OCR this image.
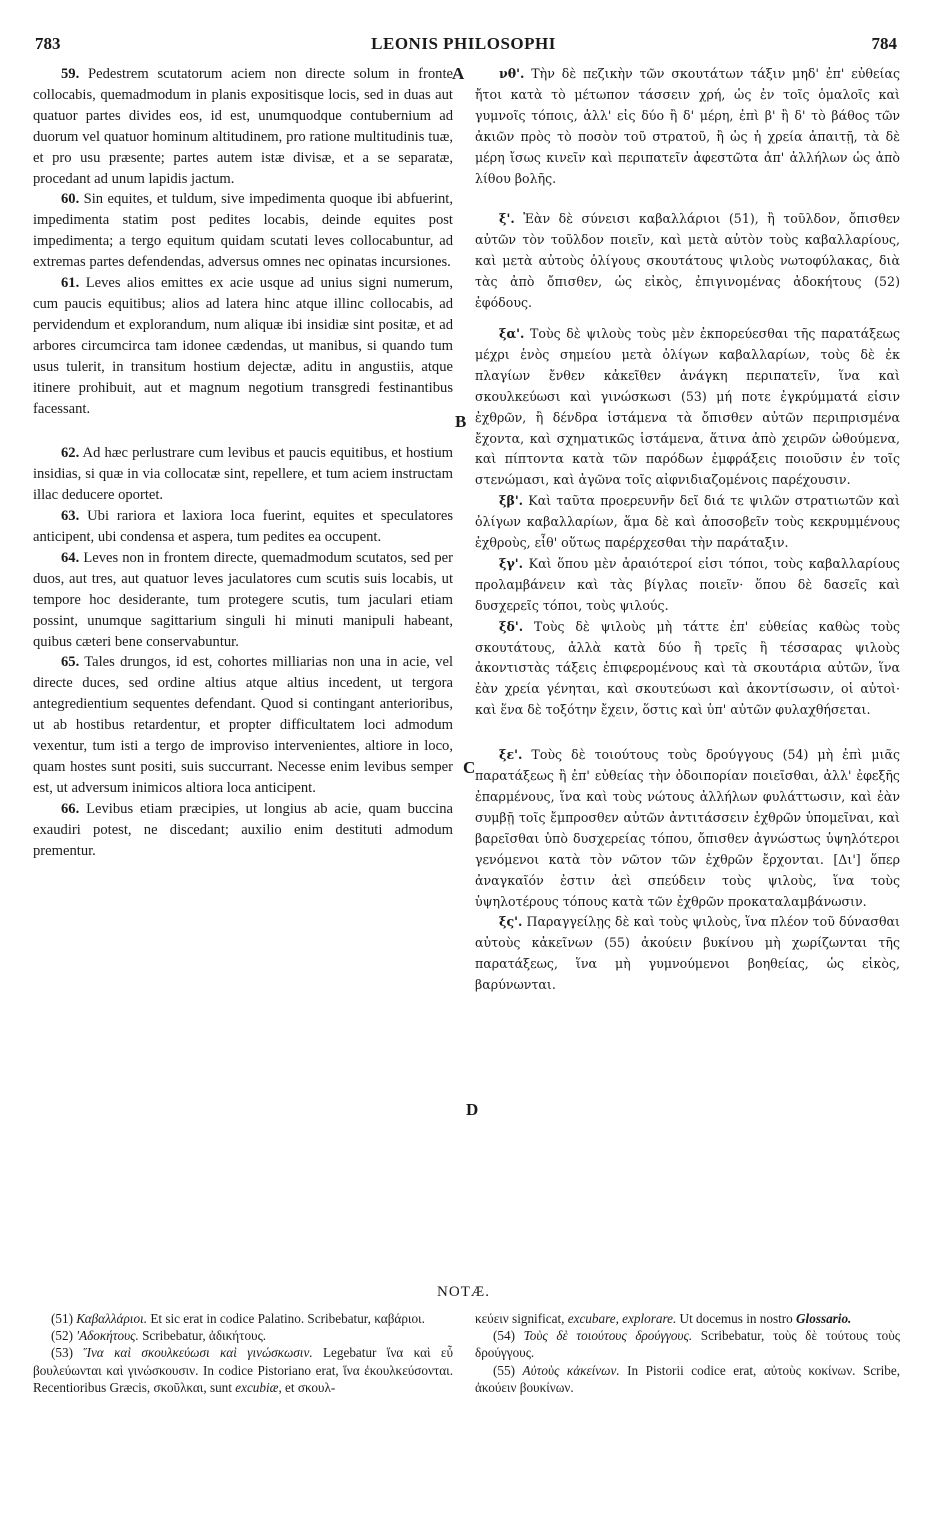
783	LEONIS PHILOSOPHI	784
A
B
C
D

59. Pedestrem scutatorum aciem non directe solum in fronte collocabis, quemadmodum in planis expositisque locis, sed in duas aut quatuor partes divides eos, id est, unumquodque contubernium ad duorum vel quatuor hominum altitudinem, pro ratione multitudinis tuæ, et pro usu præsente; partes autem istæ divisæ, et a se separatæ, procedant ad unum lapidis jactum.

60. Sin equites, et tuldum, sive impedimenta quoque ibi abfuerint, impedimenta statim post pedites locabis, deinde equites post impedimenta; a tergo equitum quidam scutati leves collocabuntur, ad extremas partes defendendas, adversus omnes nec opinatas incursiones.

61. Leves alios emittes ex acie usque ad unius signi numerum, cum paucis equitibus; alios ad latera hinc atque illinc collocabis, ad pervidendum et explorandum, num aliquæ ibi insidiæ sint positæ, et ad arbores circumcirca tam idonee cædendas, ut manibus, si quando tum usus tulerit, in transitum hostium dejectæ, aditu in angustiis, atque itinere prohibuit, aut et magnum negotium transgredi festinantibus facessant.

62. Ad hæc perlustrare cum levibus et paucis equitibus, et hostium insidias, si quæ in via collocatæ sint, repellere, et tum aciem instructam illac deducere oportet.

63. Ubi rariora et laxiora loca fuerint, equites et speculatores anticipent, ubi condensa et aspera, tum pedites ea occupent.

64. Leves non in frontem directe, quemadmodum scutatos, sed per duos, aut tres, aut quatuor leves jaculatores cum scutis suis locabis, ut tempore hoc desiderante, tum protegere scutis, tum jaculari etiam possint, unumque sagittarium singuli hi minuti manipuli habeant, quibus cæteri bene conservabuntur.

65. Tales drungos, id est, cohortes milliarias non una in acie, vel directe duces, sed ordine altius atque altius incedent, ut tergora antegredientium sequentes defendant. Quod si contingant anterioribus, ut ab hostibus retardentur, et propter difficultatem loci admodum vexentur, tum isti a tergo de improviso intervenientes, altiore in loco, quam hostes sunt positi, suis succurrant. Necesse enim levibus semper est, ut adversum inimicos altiora loca anticipent.

66. Levibus etiam præcipies, ut longius ab acie, quam buccina exaudiri potest, ne discedant; auxilio enim destituti admodum prementur.

νθ'. Τὴν δὲ πεζικὴν τῶν σκουτάτων τάξιν μηδ' ἐπ' εὐθείας ἤτοι κατὰ τὸ μέτωπον τάσσειν χρή, ὡς ἐν τοῖς ὁμαλοῖς καὶ γυμνοῖς τόποις, ἀλλ' εἰς δύο ἢ δ' μέρη, ἐπὶ β' ἢ δ' τὸ βάθος τῶν ἀκιῶν πρὸς τὸ ποσὸν τοῦ στρατοῦ, ἢ ὡς ἡ χρεία ἀπαιτῇ, τὰ δὲ μέρη ἴσως κινεῖν καὶ περιπατεῖν ἀφεστῶτα ἀπ' ἀλλήλων ὡς ἀπὸ λίθου βολῆς.

ξ'. Ἐὰν δὲ σύνεισι καβαλλάριοι (51), ἢ τοῦλδον, ὄπισθεν αὐτῶν τὸν τοῦλδον ποιεῖν, καὶ μετὰ αὐτὸν τοὺς καβαλλαρίους, καὶ μετὰ αὐτοὺς ὀλίγους σκουτάτους ψιλοὺς νωτοφύλακας, διὰ τὰς ἀπὸ ὄπισθεν, ὡς εἰκὸς, ἐπιγινομένας ἀδοκήτους (52) ἐφόδους.

ξα'. Τοὺς δὲ ψιλοὺς τοὺς μὲν ἐκπορεύεσθαι τῆς παρατάξεως μέχρι ἑνὸς σημείου μετὰ ὀλίγων καβαλλαρίων, τοὺς δὲ ἐκ πλαγίων ἔνθεν κἀκεῖθεν ἀνάγκη περιπατεῖν, ἵνα καὶ σκουλκεύωσι καὶ γινώσκωσι (53) μή ποτε ἐγκρύμματά εἰσιν ἐχθρῶν, ἢ δένδρα ἱστάμενα τὰ ὄπισθεν αὐτῶν περιπρισμένα ἔχοντα, καὶ σχηματικῶς ἱστάμενα, ἅτινα ἀπὸ χειρῶν ὠθούμενα, καὶ πίπτοντα κατὰ τῶν παρόδων ἐμφράξεις ποιοῦσιν ἐν τοῖς στενώμασι, καὶ ἀγῶνα τοῖς αἰφνιδιαζομένοις παρέχουσιν.

ξβ'. Καὶ ταῦτα προερευνῆν δεῖ διά τε ψιλῶν στρατιωτῶν καὶ ὀλίγων καβαλλαρίων, ἅμα δὲ καὶ ἀποσοβεῖν τοὺς κεκρυμμένους ἐχθροὺς, εἶθ' οὕτως παρέρχεσθαι τὴν παράταξιν.

ξγ'. Καὶ ὅπου μὲν ἀραιότεροί εἰσι τόποι, τοὺς καβαλλαρίους προλαμβάνειν καὶ τὰς βίγλας ποιεῖν· ὅπου δὲ δασεῖς καὶ δυσχερεῖς τόποι, τοὺς ψιλούς.

ξδ'. Τοὺς δὲ ψιλοὺς μὴ τάττε ἐπ' εὐθείας καθὼς τοὺς σκουτάτους, ἀλλὰ κατὰ δύο ἢ τρεῖς ἢ τέσσαρας ψιλοὺς ἀκοντιστὰς τάξεις ἐπιφερομένους καὶ τὰ σκουτάρια αὐτῶν, ἵνα ἐὰν χρεία γένηται, καὶ σκουτεύωσι καὶ ἀκοντίσωσιν, οἱ αὐτοὶ· καὶ ἕνα δὲ τοξότην ἔχειν, ὅστις καὶ ὑπ' αὐτῶν φυλαχθήσεται.

ξε'. Τοὺς δὲ τοιούτους τοὺς δρούγγους (54) μὴ ἐπὶ μιᾶς παρατάξεως ἢ ἐπ' εὐθείας τὴν ὁδοιπορίαν ποιεῖσθαι, ἀλλ' ἐφεξῆς ἐπαρμένους, ἵνα καὶ τοὺς νώτους ἀλλήλων φυλάττωσιν, καὶ ἐὰν συμβῇ τοῖς ἔμπροσθεν αὐτῶν ἀντιτάσσειν ἐχθρῶν ὑπομεῖναι, καὶ βαρεῖσθαι ὑπὸ δυσχερείας τόπου, ὄπισθεν ἀγνώστως ὑψηλότεροι γενόμενοι κατὰ τὸν νῶτον τῶν ἐχθρῶν ἔρχονται. [Δι'] ὅπερ ἀναγκαῖόν ἐστιν ἀεὶ σπεύδειν τοὺς ψιλοὺς, ἵνα τοὺς ὑψηλοτέρους τόπους κατὰ τῶν ἐχθρῶν προκαταλαμβάνωσιν.

ξς'. Παραγγείλῃς δὲ καὶ τοὺς ψιλοὺς, ἵνα πλέον τοῦ δύνασθαι αὐτοὺς κἀκεῖνων (55) ἀκούειν βυκίνου μὴ χωρίζωνται τῆς παρατάξεως, ἵνα μὴ γυμνούμενοι βοηθείας, ὡς εἰκὸς, βαρύνωνται.

NOTÆ.

(51) Καβαλλάριοι. Et sic erat in codice Palatino. Scribebatur, καβάριοι.

(52) 'Αδοκήτους. Scribebatur, ἀδικήτους.

(53) Ἵνα καὶ σκουλκεύωσι καὶ γινώσκωσιν. Legebatur ἵνα καὶ εὖ βουλεύωνται καὶ γινώσκουσιν. In codice Pistoriano erat, ἵνα ἐκουλκεύσονται. Recentioribus Græcis, σκοῦλκαι, sunt excubiæ, et σκουλ-

κεύειν significat, excubare, explorare. Ut docemus in nostro Glossario.

(54) Τοὺς δὲ τοιούτους δρούγγους. Scribebatur, τοὺς δὲ τούτους τοὺς δρούγγους.

(55) Αὐτοὺς κἀκείνων. In Pistorii codice erat, αὐτοὺς κοκίνων. Scribe, ἀκούειν βουκίνων.
